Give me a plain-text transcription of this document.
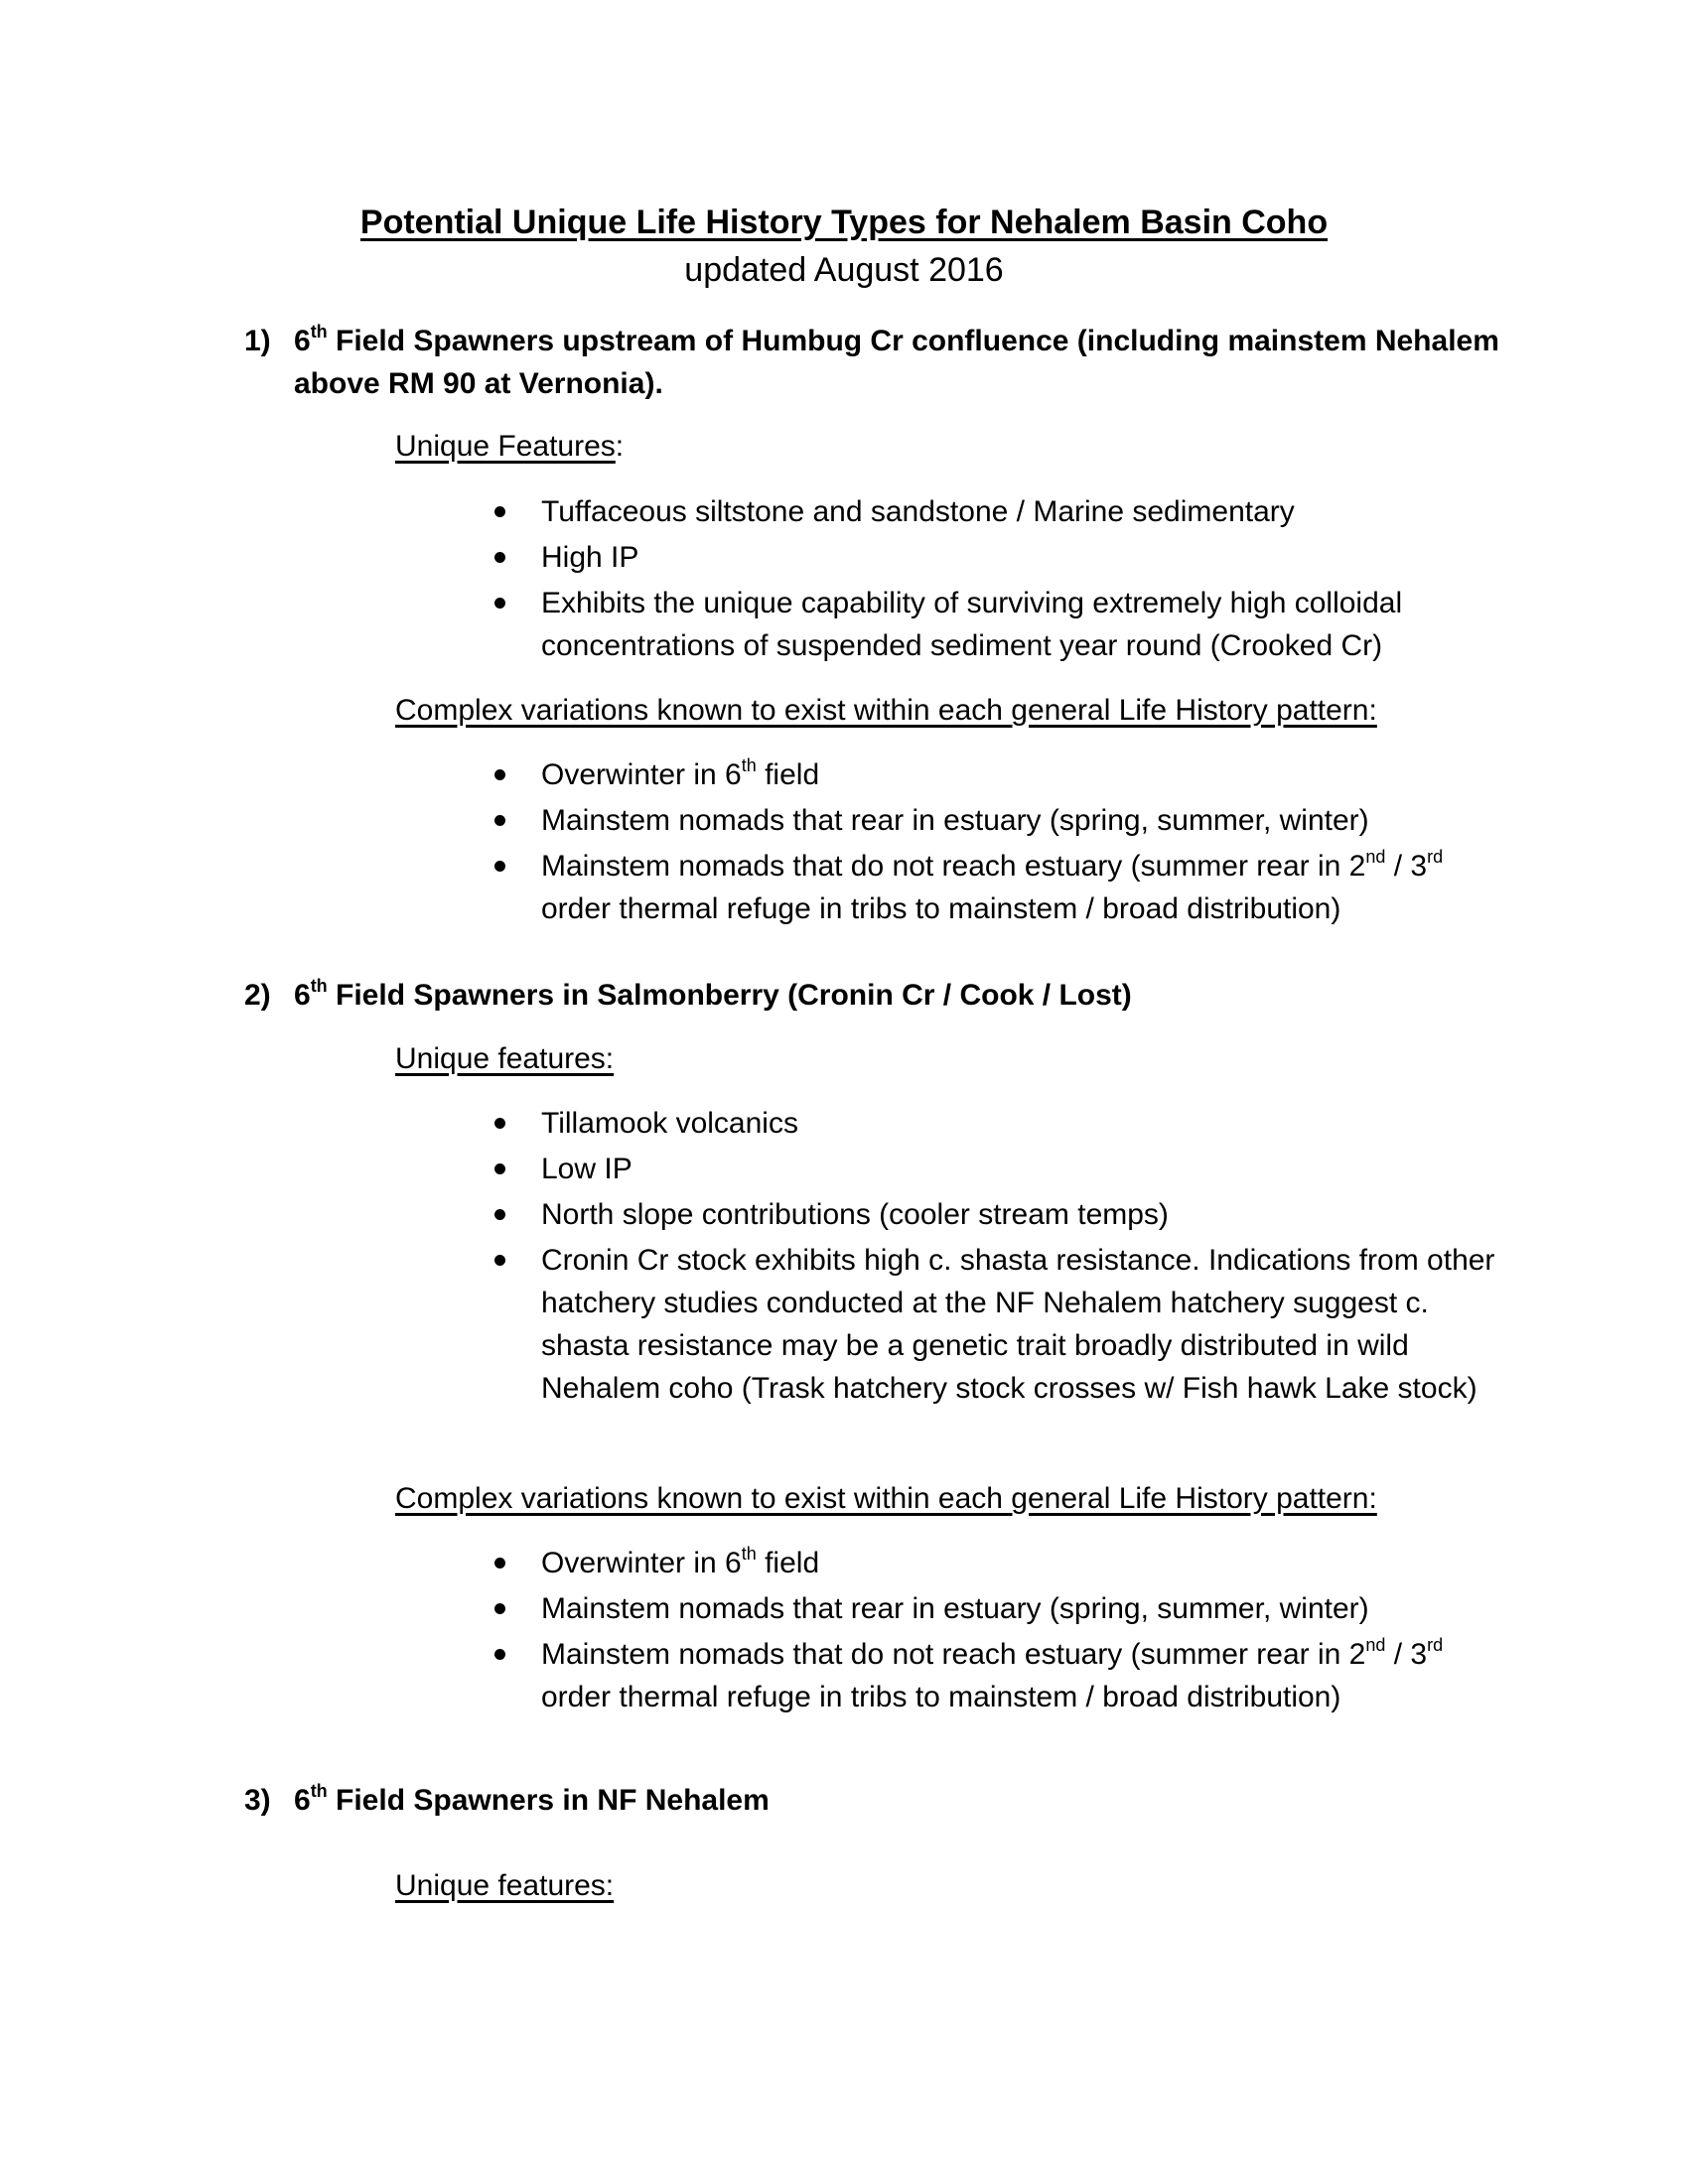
Potential Unique Life History Types for Nehalem Basin Coho
updated August 2016
1) 6th Field Spawners upstream of Humbug Cr confluence (including mainstem Nehalem above RM 90 at Vernonia).
Unique Features:
Tuffaceous siltstone and sandstone / Marine sedimentary
High IP
Exhibits the unique capability of surviving extremely high colloidal concentrations of suspended sediment year round (Crooked Cr)
Complex variations known to exist within each general Life History pattern:
Overwinter in 6th field
Mainstem nomads that rear in estuary (spring, summer, winter)
Mainstem nomads that do not reach estuary (summer rear in 2nd / 3rd order thermal refuge in tribs to mainstem / broad distribution)
2) 6th Field Spawners in Salmonberry (Cronin Cr / Cook / Lost)
Unique features:
Tillamook volcanics
Low IP
North slope contributions (cooler stream temps)
Cronin Cr stock exhibits high c. shasta resistance. Indications from other hatchery studies conducted at the NF Nehalem hatchery suggest c. shasta resistance may be a genetic trait broadly distributed in wild Nehalem coho (Trask hatchery stock crosses w/ Fish hawk Lake stock)
Complex variations known to exist within each general Life History pattern:
Overwinter in 6th field
Mainstem nomads that rear in estuary (spring, summer, winter)
Mainstem nomads that do not reach estuary (summer rear in 2nd / 3rd order thermal refuge in tribs to mainstem / broad distribution)
3) 6th Field Spawners in NF Nehalem
Unique features:
